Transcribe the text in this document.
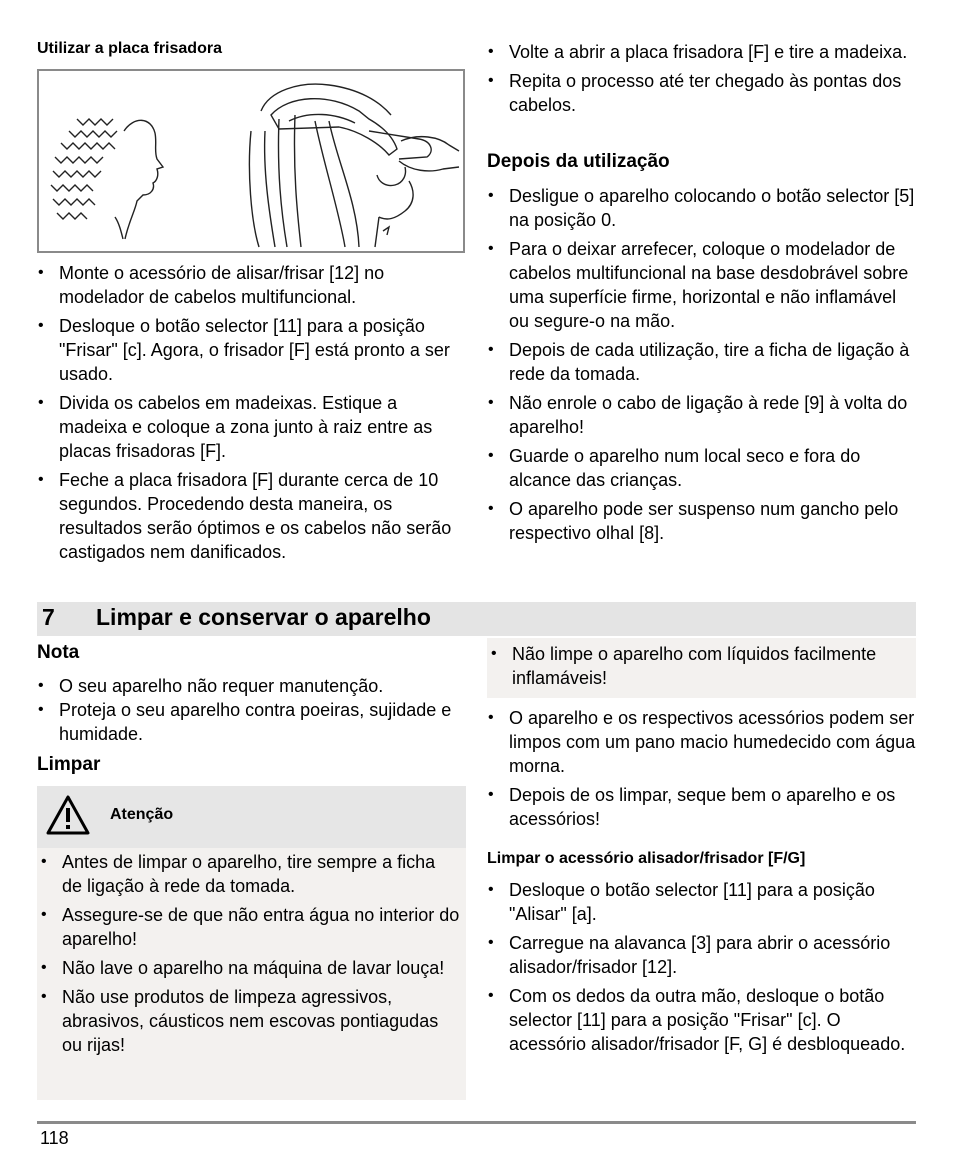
Utilizar a placa frisadora
• Monte o acessório de alisar/frisar [12] no modelador de cabelos multifuncional.
• Desloque o botão selector [11] para a posição "Frisar" [c]. Agora, o frisador [F] está pronto a ser usado.
• Divida os cabelos em madeixas. Estique a madeixa e coloque a zona junto à raiz entre as placas frisadoras [F].
• Feche a placa frisadora [F] durante cerca de 10 segundos. Procedendo desta maneira, os resultados serão óptimos e os cabelos não serão castigados nem danificados.
• Volte a abrir a placa frisadora [F] e tire a madeixa.
• Repita o processo até ter chegado às pontas dos cabelos.
Depois da utilização
• Desligue o aparelho colocando o botão selector [5] na posição 0.
• Para o deixar arrefecer, coloque o modelador de cabelos multifuncional na base desdobrável sobre uma superfície firme, horizontal e não inflamável ou segure-o na mão.
• Depois de cada utilização, tire a ficha de ligação à rede da tomada.
• Não enrole o cabo de ligação à rede [9] à volta do aparelho!
• Guarde o aparelho num local seco e fora do alcance das crianças.
• O aparelho pode ser suspenso num gancho pelo respectivo olhal [8].
7 Limpar e conservar o aparelho
Nota
• O seu aparelho não requer manutenção.
• Proteja o seu aparelho contra poeiras, sujidade e humidade.
Limpar
Atenção
• Antes de limpar o aparelho, tire sempre a ficha de ligação à rede da tomada.
• Assegure-se de que não entra água no interior do aparelho!
• Não lave o aparelho na máquina de lavar louça!
• Não use produtos de limpeza agressivos, abrasivos, cáusticos nem escovas pontiagudas ou rijas!
• Não limpe o aparelho com líquidos facilmente inflamáveis!
• O aparelho e os respectivos acessórios podem ser limpos com um pano macio humedecido com água morna.
• Depois de os limpar, seque bem o aparelho e os acessórios!
Limpar o acessório alisador/frisador [F/G]
• Desloque o botão selector [11] para a posição "Alisar" [a].
• Carregue na alavanca [3] para abrir o acessório alisador/frisador [12].
• Com os dedos da outra mão, desloque o botão selector [11] para a posição "Frisar" [c]. O acessório alisador/frisador [F, G] é desbloqueado.
118
